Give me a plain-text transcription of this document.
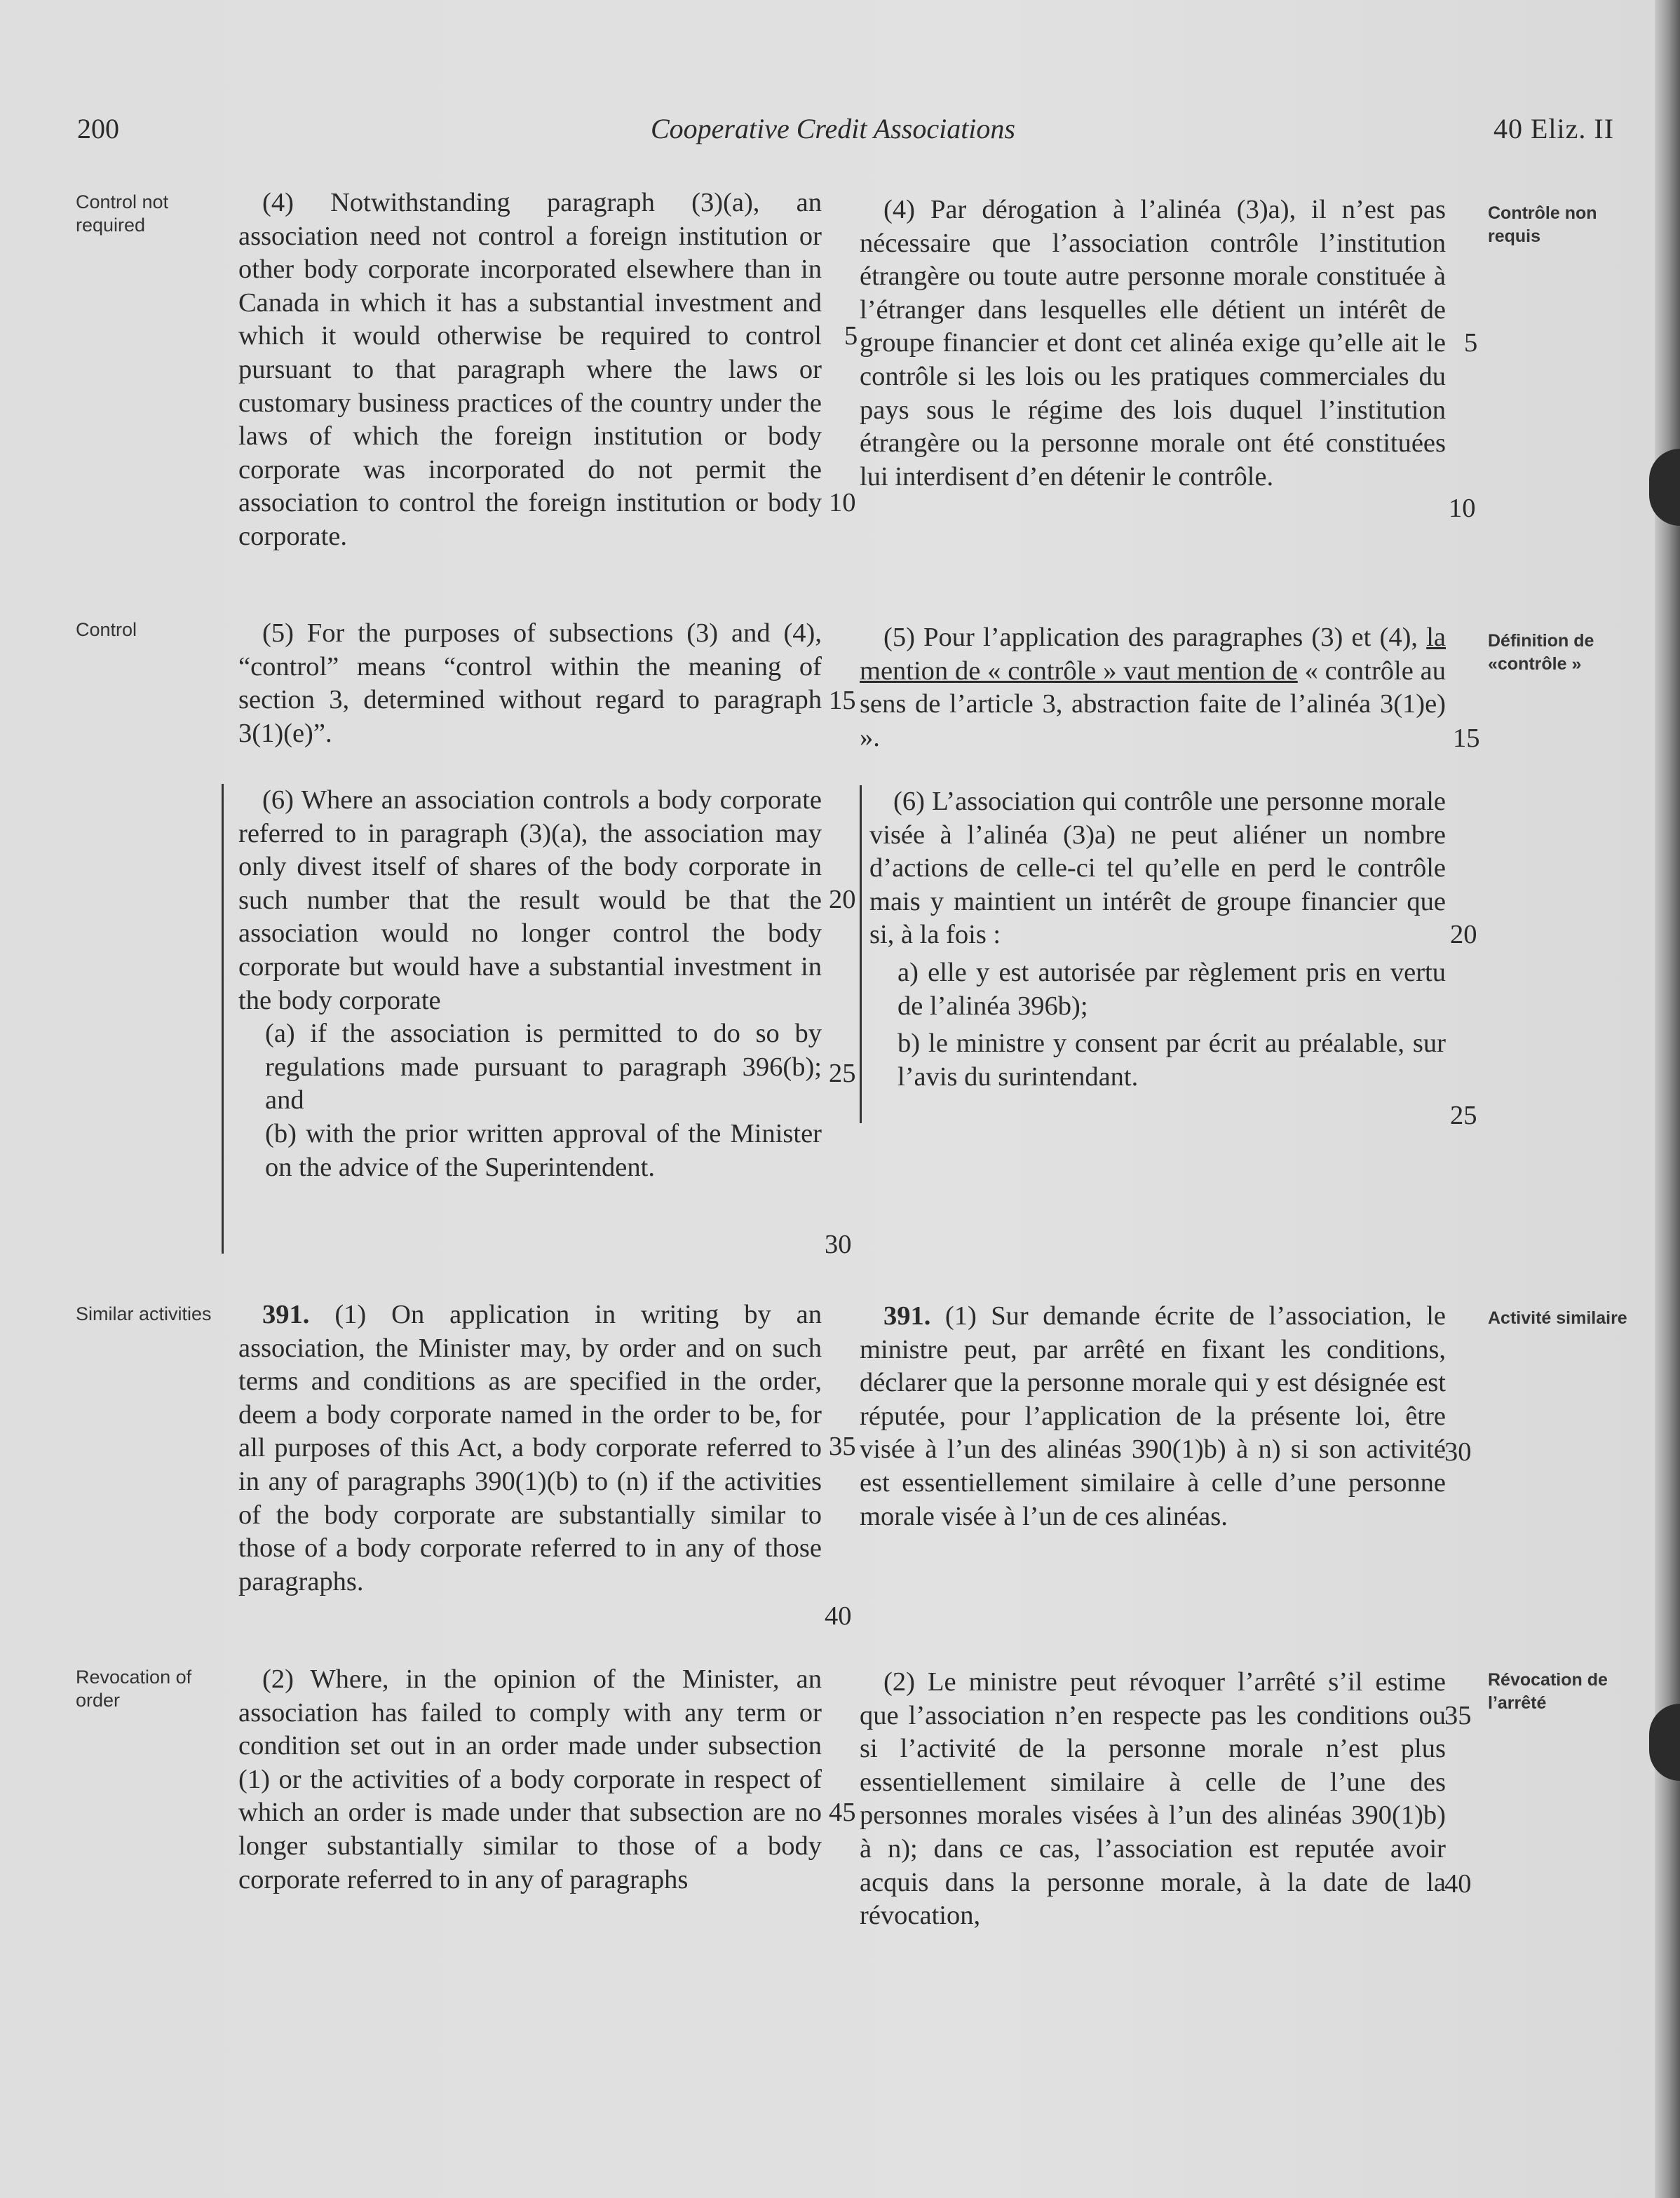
200	Cooperative Credit Associations	40 Eliz. II
Control not required
Control
Similar activities
Revocation of order
Contrôle non requis
Définition de «contrôle »
Activité similaire
Révocation de l’arrêté

(4) Notwithstanding paragraph (3)(a), an association need not control a foreign institution or other body corporate incorporated elsewhere than in Canada in which it has a substantial investment and which it would otherwise be required to control pursuant to that paragraph where the laws or customary business practices of the country under the laws of which the foreign institution or body corporate was incorporated do not permit the association to control the foreign institution or body corporate.

(5) For the purposes of subsections (3) and (4), “control” means “control within the meaning of section 3, determined without regard to paragraph 3(1)(e)”.

(6) Where an association controls a body corporate referred to in paragraph (3)(a), the association may only divest itself of shares of the body corporate in such number that the result would be that the association would no longer control the body corporate but would have a substantial investment in the body corporate

(a) if the association is permitted to do so by regulations made pursuant to paragraph 396(b); and

(b) with the prior written approval of the Minister on the advice of the Superintendent.

391. (1) On application in writing by an association, the Minister may, by order and on such terms and conditions as are specified in the order, deem a body corporate named in the order to be, for all purposes of this Act, a body corporate referred to in any of paragraphs 390(1)(b) to (n) if the activities of the body corporate are substantially similar to those of a body corporate referred to in any of those paragraphs.

(2) Where, in the opinion of the Minister, an association has failed to comply with any term or condition set out in an order made under subsection (1) or the activities of a body corporate in respect of which an order is made under that subsection are no longer substantially similar to those of a body corporate referred to in any of paragraphs

5
10
15
20
25
30
35
40
45

(4) Par dérogation à l’alinéa (3)a), il n’est pas nécessaire que l’association contrôle l’institution étrangère ou toute autre personne morale constituée à l’étranger dans lesquelles elle détient un intérêt de groupe financier et dont cet alinéa exige qu’elle ait le contrôle si les lois ou les pratiques commerciales du pays sous le régime des lois duquel l’institution étrangère ou la personne morale ont été constituées lui interdisent d’en détenir le contrôle.

(5) Pour l’application des paragraphes (3) et (4), la mention de « contrôle » vaut mention de « contrôle au sens de l’article 3, abstraction faite de l’alinéa 3(1)e) ».

(6) L’association qui contrôle une personne morale visée à l’alinéa (3)a) ne peut aliéner un nombre d’actions de celle-ci tel qu’elle en perd le contrôle mais y maintient un intérêt de groupe financier que si, à la fois :

a) elle y est autorisée par règlement pris en vertu de l’alinéa 396b);

b) le ministre y consent par écrit au préalable, sur l’avis du surintendant.

391. (1) Sur demande écrite de l’association, le ministre peut, par arrêté en fixant les conditions, déclarer que la personne morale qui y est désignée est réputée, pour l’application de la présente loi, être visée à l’un des alinéas 390(1)b) à n) si son activité est essentiellement similaire à celle d’une personne morale visée à l’un de ces alinéas.

(2) Le ministre peut révoquer l’arrêté s’il estime que l’association n’en respecte pas les conditions ou si l’activité de la personne morale n’est plus essentiellement similaire à celle de l’une des personnes morales visées à l’un des alinéas 390(1)b) à n); dans ce cas, l’association est reputée avoir acquis dans la personne morale, à la date de la révocation,

5
10
15
20
25
30
35
40
